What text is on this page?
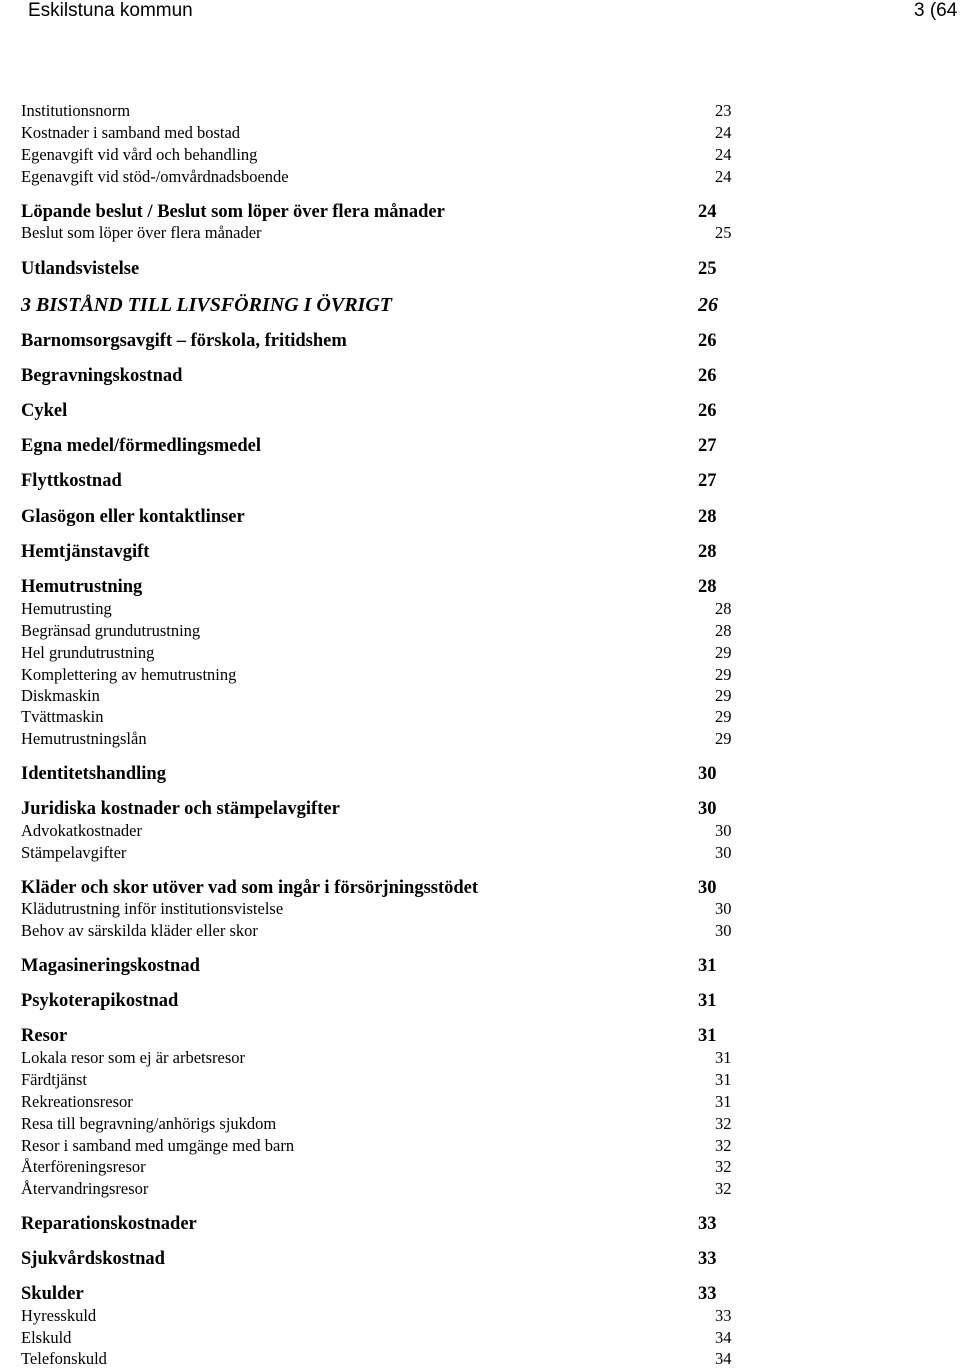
Eskilstuna kommun	3 (64
Institutionsnorm	23
Kostnader i samband med bostad	24
Egenavgift vid vård och behandling	24
Egenavgift vid stöd-/omvårdnadsboende	24
Löpande beslut / Beslut som löper över flera månader	24
Beslut som löper över flera månader	25
Utlandsvistelse	25
3 BISTÅND TILL LIVSFÖRING I ÖVRIGT	26
Barnomsorgsavgift – förskola, fritidshem	26
Begravningskostnad	26
Cykel	26
Egna medel/förmedlingsmedel	27
Flyttkostnad	27
Glasögon eller kontaktlinser	28
Hemtjänstavgift	28
Hemutrustning	28
Hemutrusting	28
Begränsad grundutrustning	28
Hel grundutrustning	29
Komplettering av hemutrustning	29
Diskmaskin	29
Tvättmaskin	29
Hemutrustningslån	29
Identitetshandling	30
Juridiska kostnader och stämpelavgifter	30
Advokatkostnader	30
Stämpelavgifter	30
Kläder och skor utöver vad som ingår i försörjningsstödet	30
Klädutrustning inför institutionsvistelse	30
Behov av särskilda kläder eller skor	30
Magasineringskostnad	31
Psykoterapikostnad	31
Resor	31
Lokala resor som ej är arbetsresor	31
Färdtjänst	31
Rekreationsresor	31
Resa till begravning/anhörigs sjukdom	32
Resor i samband med umgänge med barn	32
Återföreningsresor	32
Återvandringsresor	32
Reparationskostnader	33
Sjukvårdskostnad	33
Skulder	33
Hyresskuld	33
Elskuld	34
Telefonskuld	34
